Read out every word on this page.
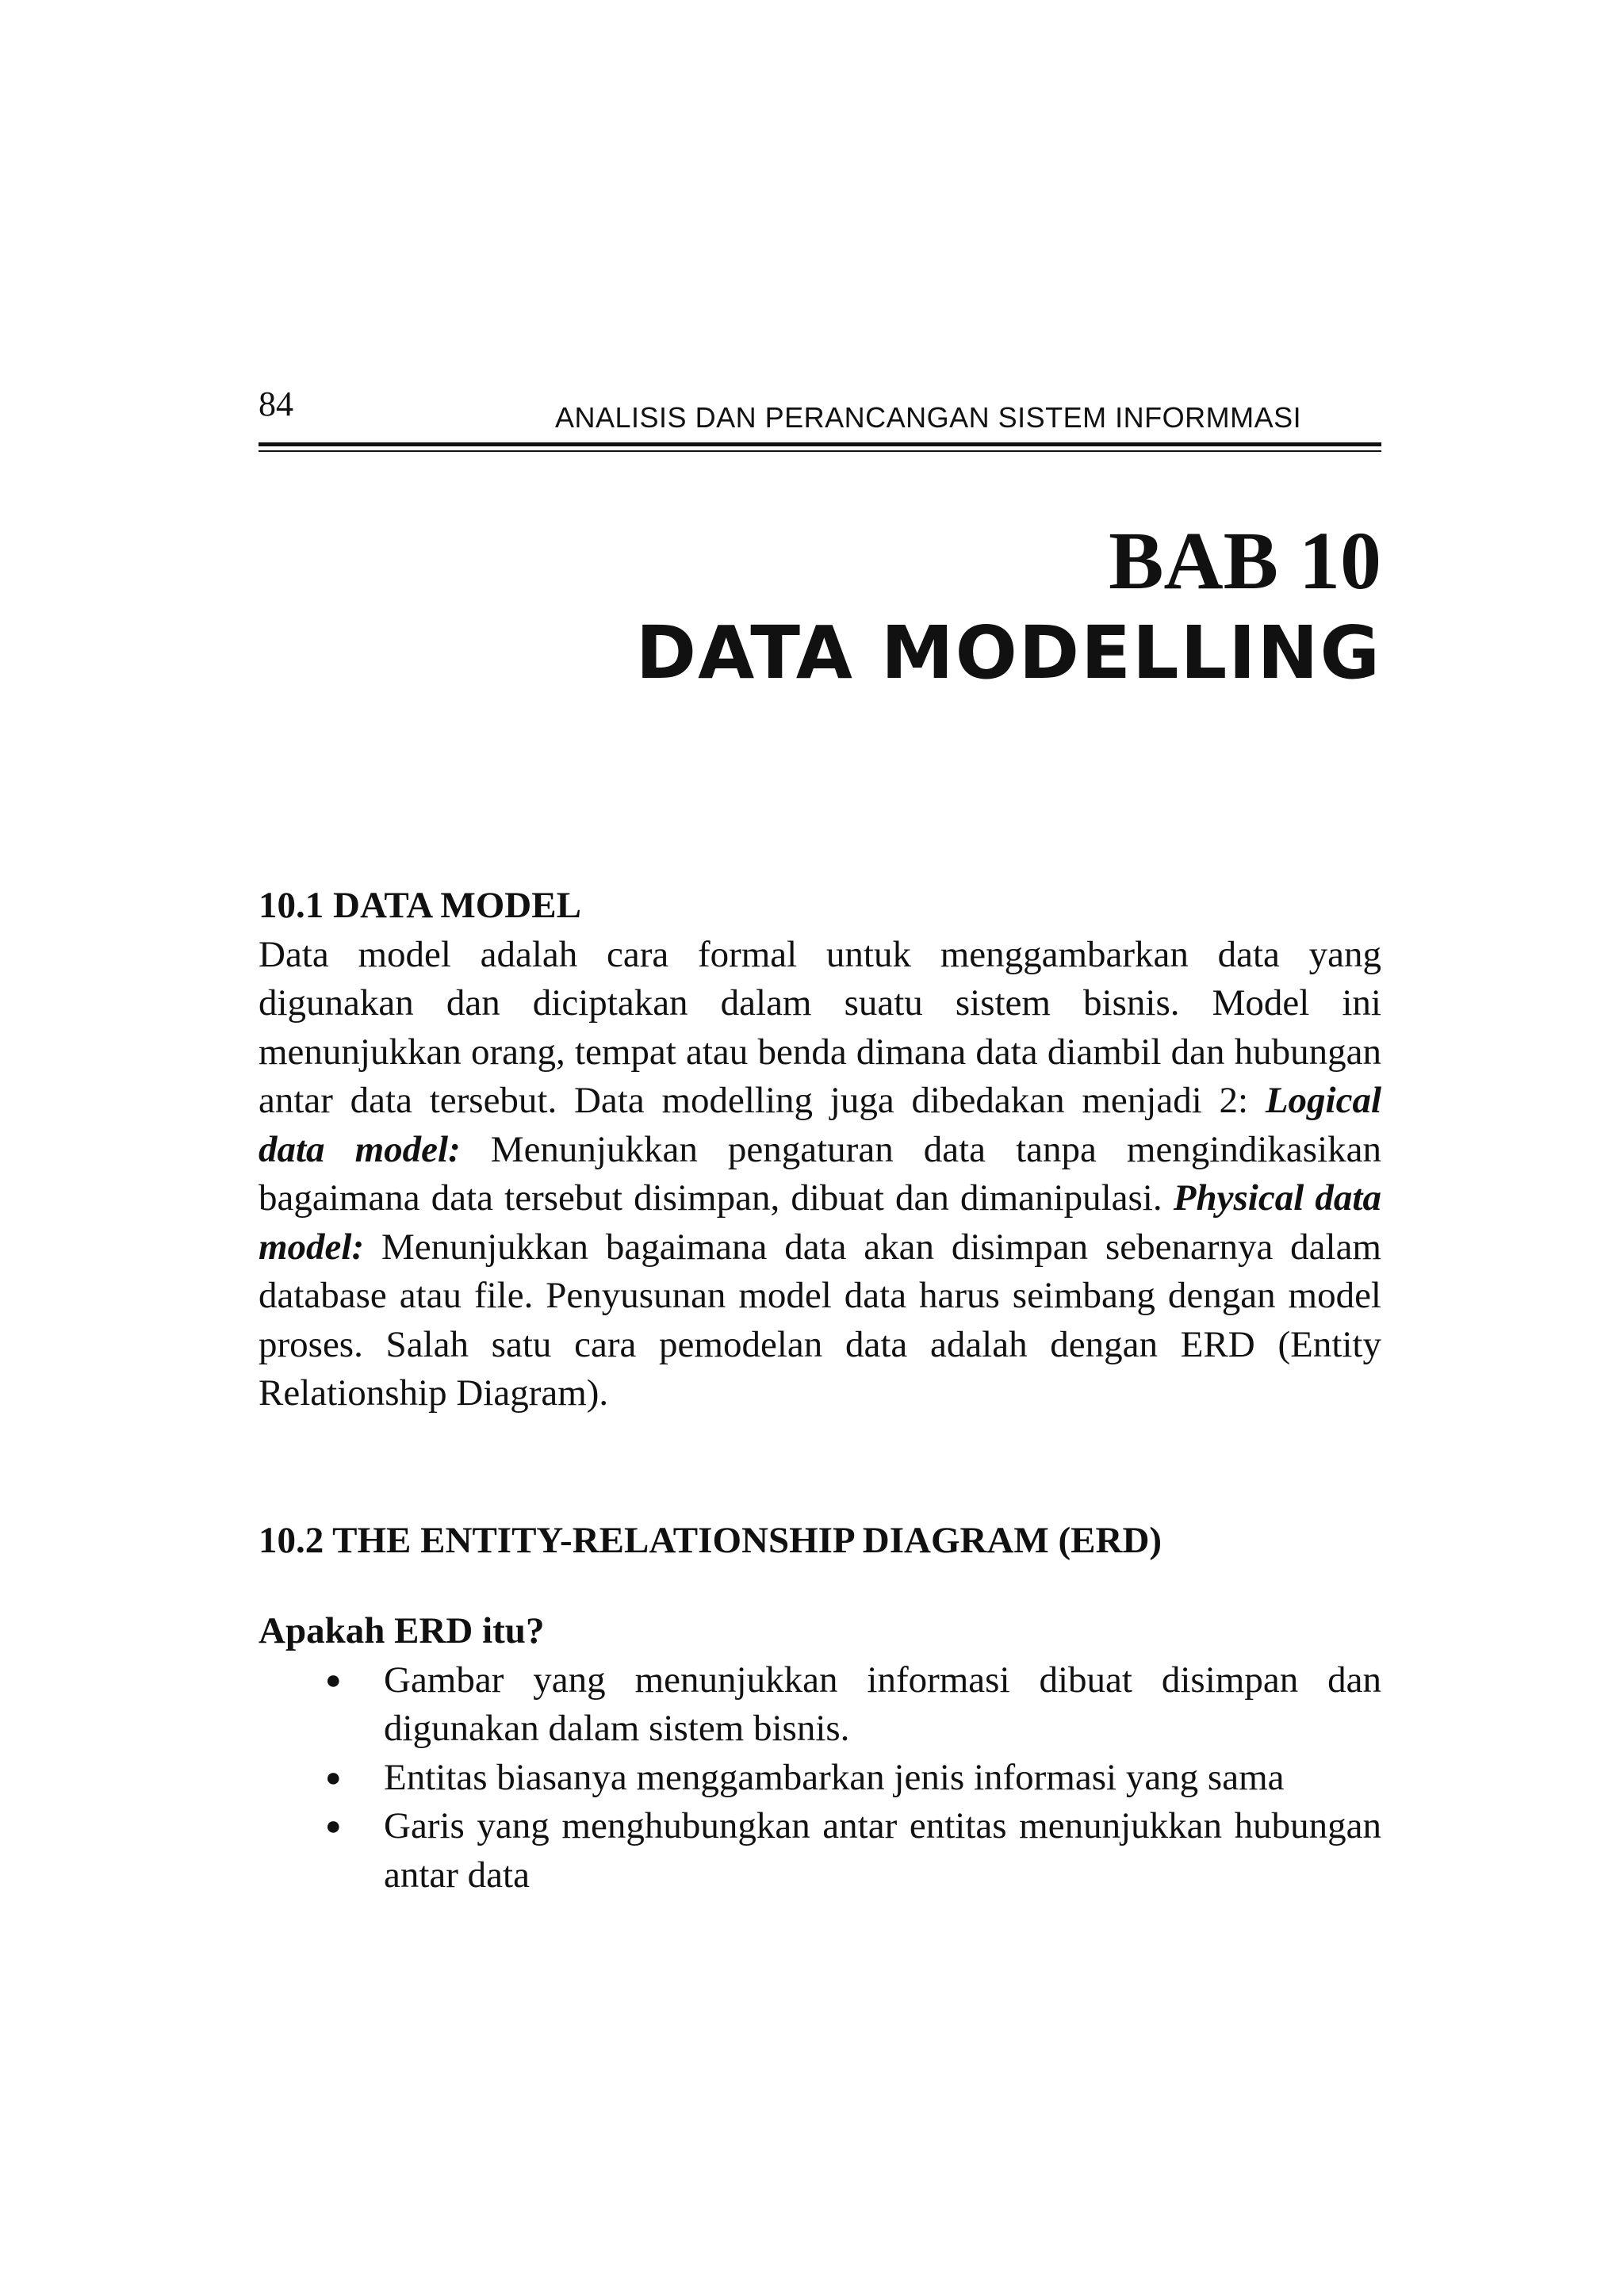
84	ANALISIS DAN PERANCANGAN SISTEM INFORMMASI
BAB 10
DATA MODELLING
10.1 DATA MODEL

Data model adalah cara formal untuk menggambarkan data yang digunakan dan diciptakan dalam suatu sistem bisnis. Model ini menunjukkan orang, tempat atau benda dimana data diambil dan hubungan antar data tersebut. Data modelling juga dibedakan menjadi 2: Logical data model: Menunjukkan pengaturan data tanpa mengindikasikan bagaimana data tersebut disimpan, dibuat dan dimanipulasi. Physical data model: Menunjukkan bagaimana data akan disimpan sebenarnya dalam database atau file. Penyusunan model data harus seimbang dengan model proses. Salah satu cara pemodelan data adalah dengan ERD (Entity Relationship Diagram).

10.2 THE ENTITY-RELATIONSHIP DIAGRAM (ERD)
Apakah ERD itu?
● Gambar yang menunjukkan informasi dibuat disimpan dan digunakan dalam sistem bisnis.
● Entitas biasanya menggambarkan jenis informasi yang sama
● Garis yang menghubungkan antar entitas menunjukkan hubungan antar data
